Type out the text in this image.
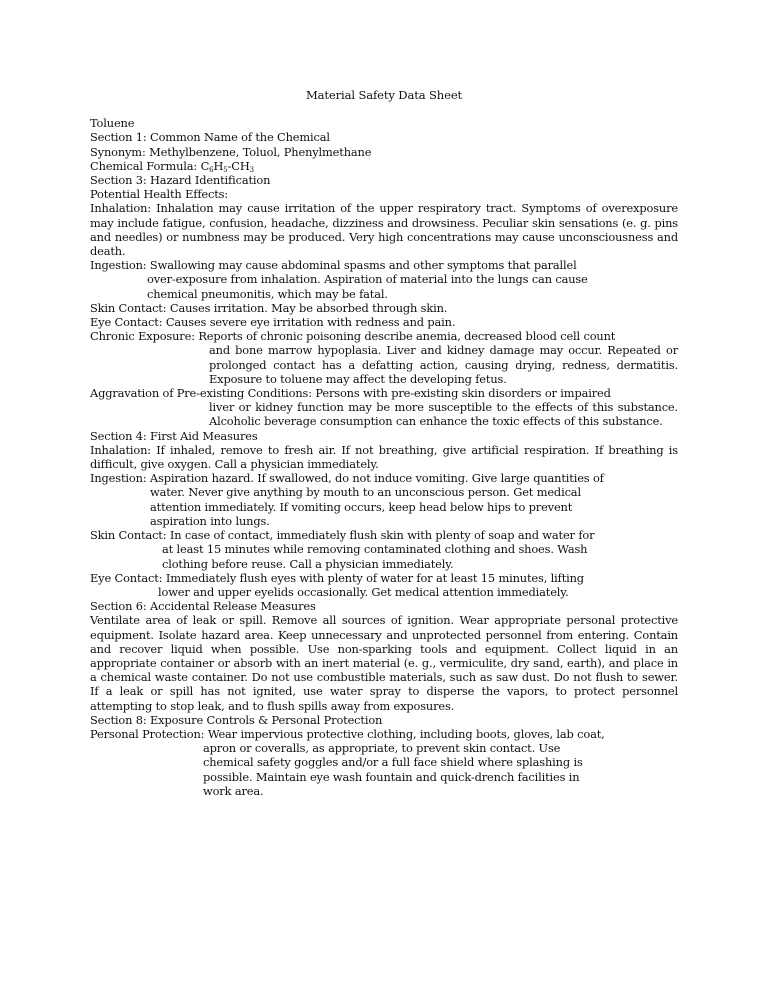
Material Safety Data Sheet

Toluene

Section 1: Common Name of the Chemical

Synonym: Methylbenzene, Toluol, Phenylmethane

Chemical Formula: $C_6H_5-CH_3$

Section 3: Hazard Identification

Potential Health Effects:

Inhalation: Inhalation may cause irritation of the upper respiratory tract. Symptoms of overexposure may include fatigue, confusion, headache, dizziness and drowsiness. Peculiar skin sensations (e. g. pins and needles) or numbness may be produced. Very high concentrations may cause unconsciousness and death.

Ingestion: Swallowing may cause abdominal spasms and other symptoms that parallel

over-exposure from inhalation. Aspiration of material into the lungs can cause

chemical pneumonitis, which may be fatal.

Skin Contact: Causes irritation. May be absorbed through skin.

Eye Contact: Causes severe eye irritation with redness and pain.

Chronic Exposure: Reports of chronic poisoning describe anemia, decreased blood cell count

and bone marrow hypoplasia. Liver and kidney damage may occur. Repeated or prolonged contact has a defatting action, causing drying, redness, dermatitis. Exposure to toluene may affect the developing fetus.

Aggravation of Pre-existing Conditions: Persons with pre-existing skin disorders or impaired

liver or kidney function may be more susceptible to the effects of this substance. Alcoholic beverage consumption can enhance the toxic effects of this substance.

Section 4: First Aid Measures

Inhalation: If inhaled, remove to fresh air. If not breathing, give artificial respiration. If breathing is difficult, give oxygen. Call a physician immediately.

Ingestion: Aspiration hazard. If swallowed, do not induce vomiting. Give large quantities of

water. Never give anything by mouth to an unconscious person. Get medical

attention immediately. If vomiting occurs, keep head below hips to prevent

aspiration into lungs.

Skin Contact: In case of contact, immediately flush skin with plenty of soap and water for

at least 15 minutes while removing contaminated clothing and shoes. Wash

clothing before reuse. Call a physician immediately.

Eye Contact: Immediately flush eyes with plenty of water for at least 15 minutes, lifting

lower and upper eyelids occasionally. Get medical attention immediately.

Section 6: Accidental Release Measures

Ventilate area of leak or spill. Remove all sources of ignition. Wear appropriate personal protective equipment. Isolate hazard area. Keep unnecessary and unprotected personnel from entering. Contain and recover liquid when possible. Use non-sparking tools and equipment. Collect liquid in an appropriate container or absorb with an inert material (e. g., vermiculite, dry sand, earth), and place in a chemical waste container. Do not use combustible materials, such as saw dust. Do not flush to sewer. If a leak or spill has not ignited, use water spray to disperse the vapors, to protect personnel attempting to stop leak, and to flush spills away from exposures.

Section 8: Exposure Controls & Personal Protection

Personal Protection: Wear impervious protective clothing, including boots, gloves, lab coat,

apron or coveralls, as appropriate, to prevent skin contact. Use

chemical safety goggles and/or a full face shield where splashing is

possible. Maintain eye wash fountain and quick-drench facilities in

work area.
